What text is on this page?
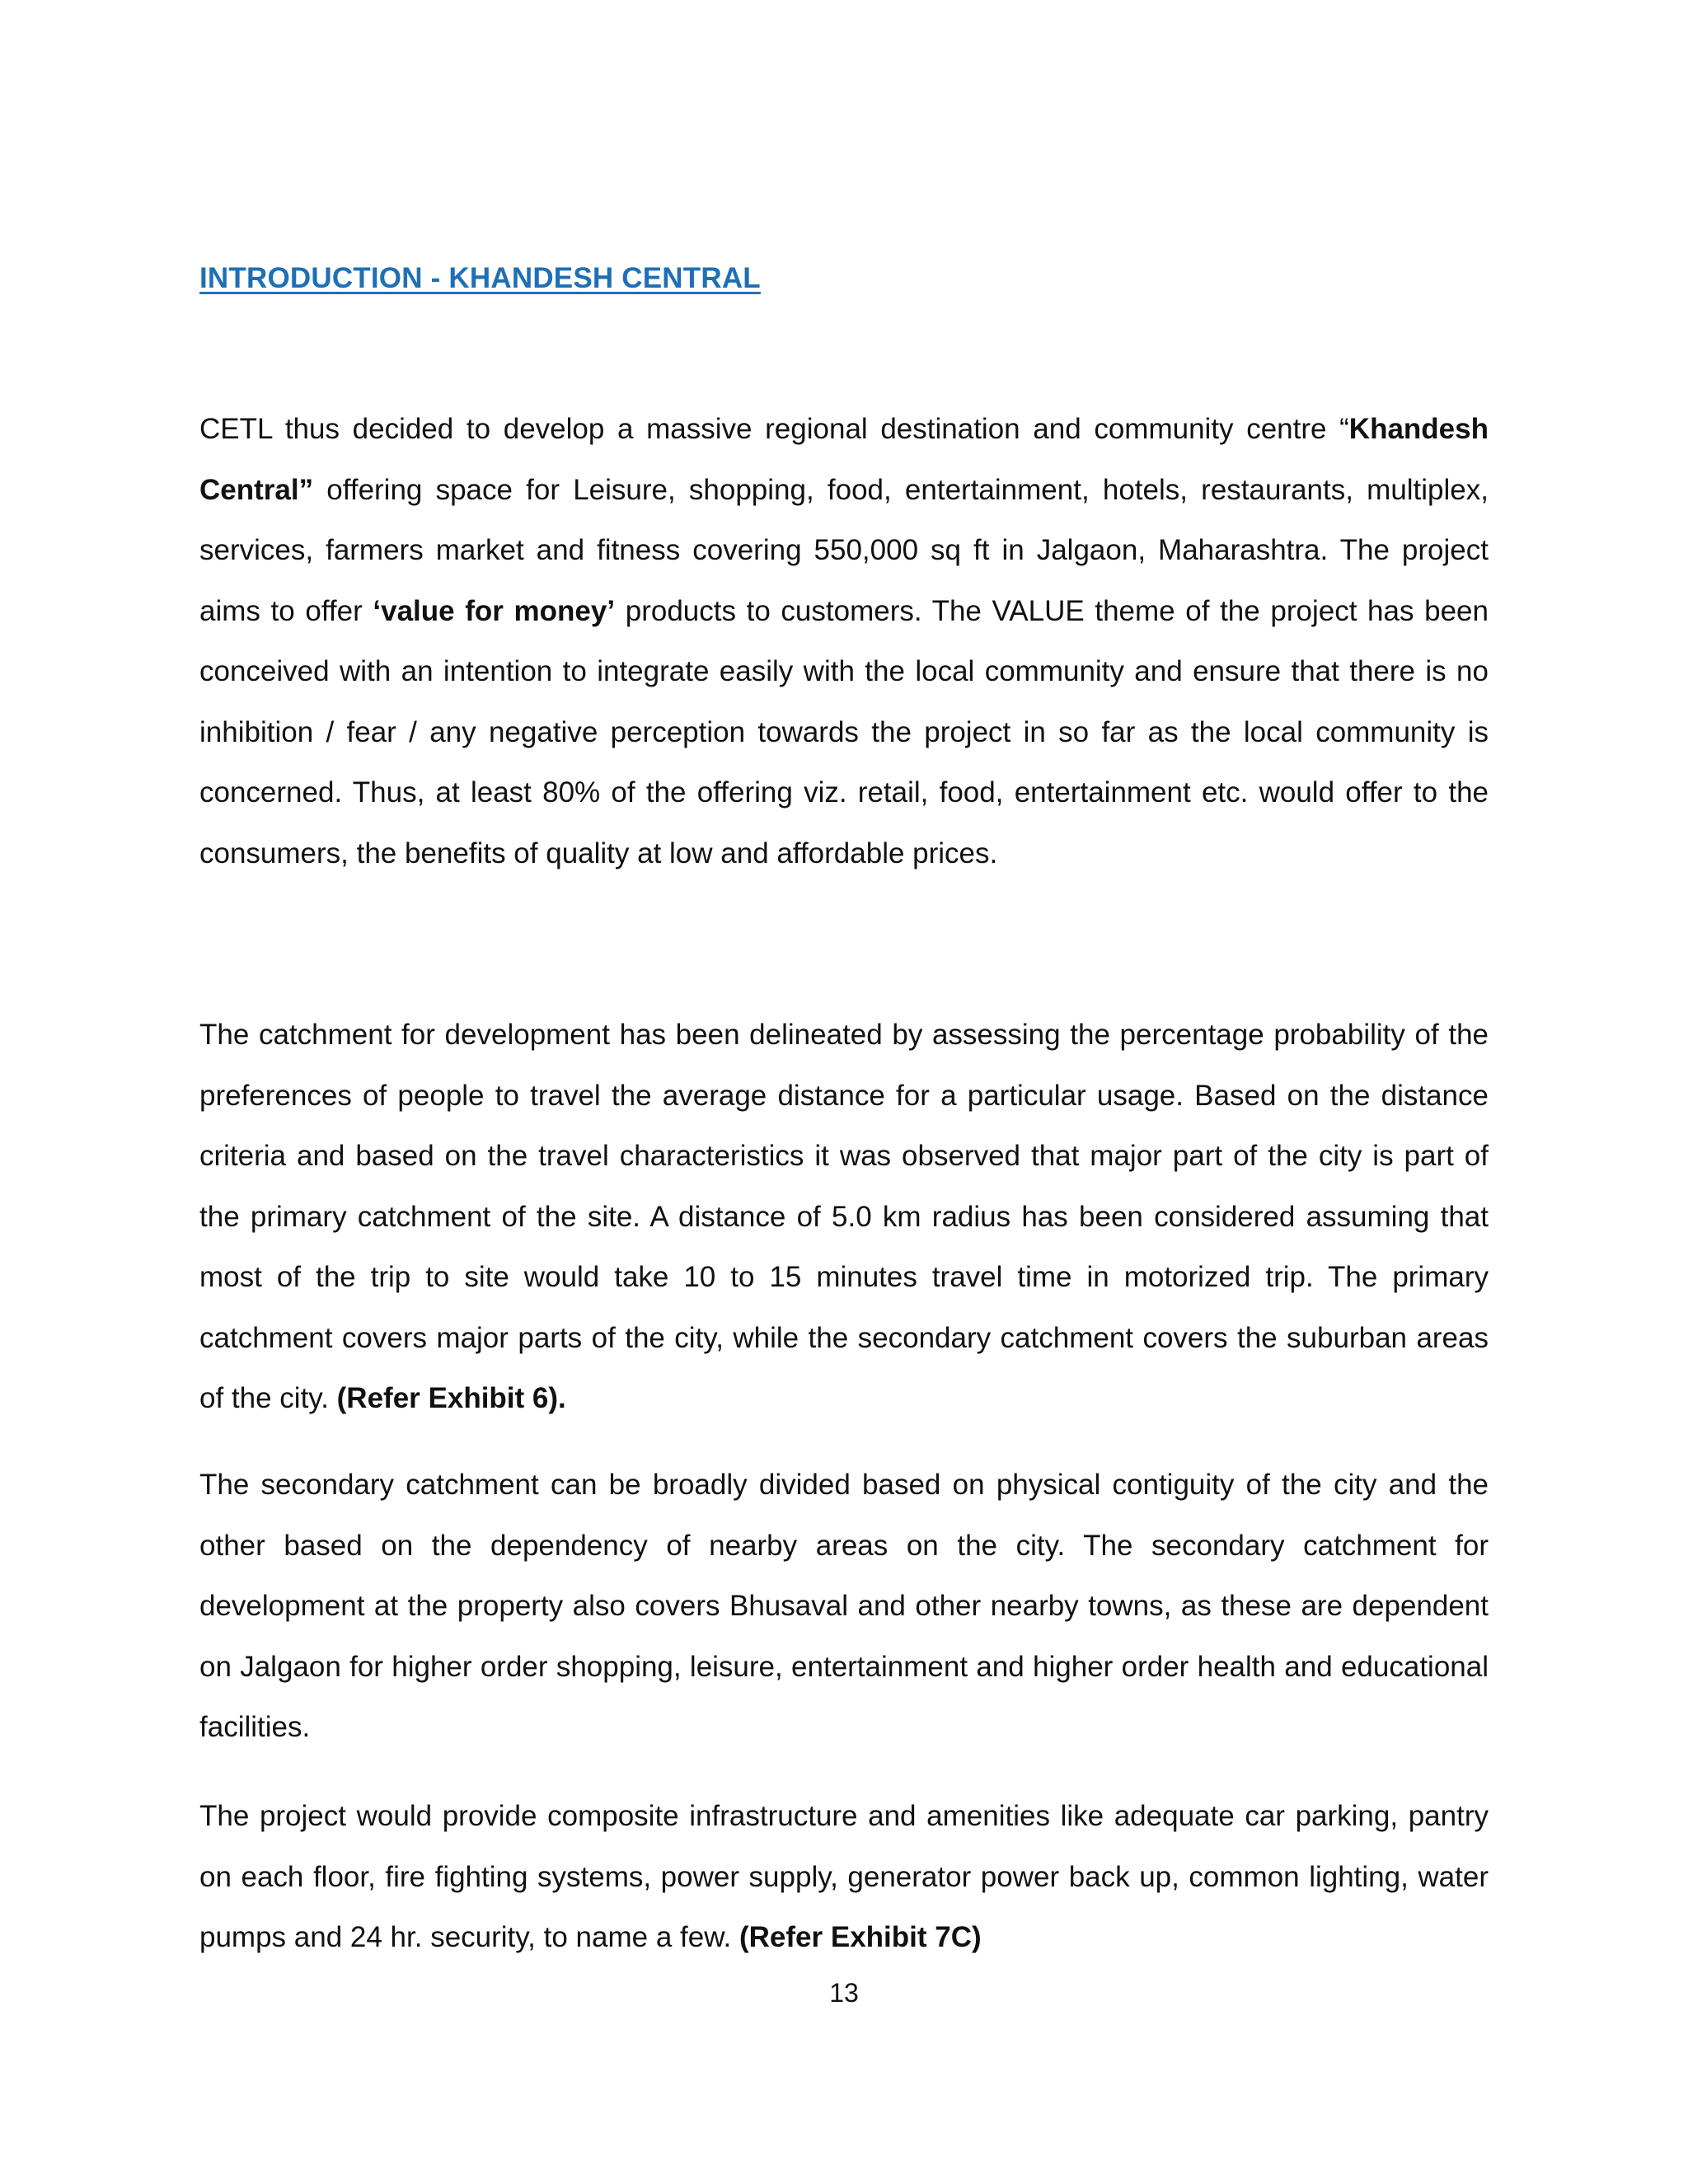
INTRODUCTION - KHANDESH CENTRAL

CETL thus decided to develop a massive regional destination and community centre “Khandesh Central” offering space for Leisure, shopping, food, entertainment, hotels, restaurants, multiplex, services, farmers market and fitness covering 550,000 sq ft in Jalgaon, Maharashtra. The project aims to offer ‘value for money’ products to customers. The VALUE theme of the project has been conceived with an intention to integrate easily with the local community and ensure that there is no inhibition / fear / any negative perception towards the project in so far as the local community is concerned. Thus, at least 80% of the offering viz. retail, food, entertainment etc. would offer to the consumers, the benefits of quality at low and affordable prices.

The catchment for development has been delineated by assessing the percentage probability of the preferences of people to travel the average distance for a particular usage. Based on the distance criteria and based on the travel characteristics it was observed that major part of the city is part of the primary catchment of the site. A distance of 5.0 km radius has been considered assuming that most of the trip to site would take 10 to 15 minutes travel time in motorized trip. The primary catchment covers major parts of the city, while the secondary catchment covers the suburban areas of the city. (Refer Exhibit 6).

The secondary catchment can be broadly divided based on physical contiguity of the city and the other based on the dependency of nearby areas on the city. The secondary catchment for development at the property also covers Bhusaval and other nearby towns, as these are dependent on Jalgaon for higher order shopping, leisure, entertainment and higher order health and educational facilities.

The project would provide composite infrastructure and amenities like adequate car parking, pantry on each floor, fire fighting systems, power supply, generator power back up, common lighting, water pumps and 24 hr. security, to name a few. (Refer Exhibit 7C)

13
